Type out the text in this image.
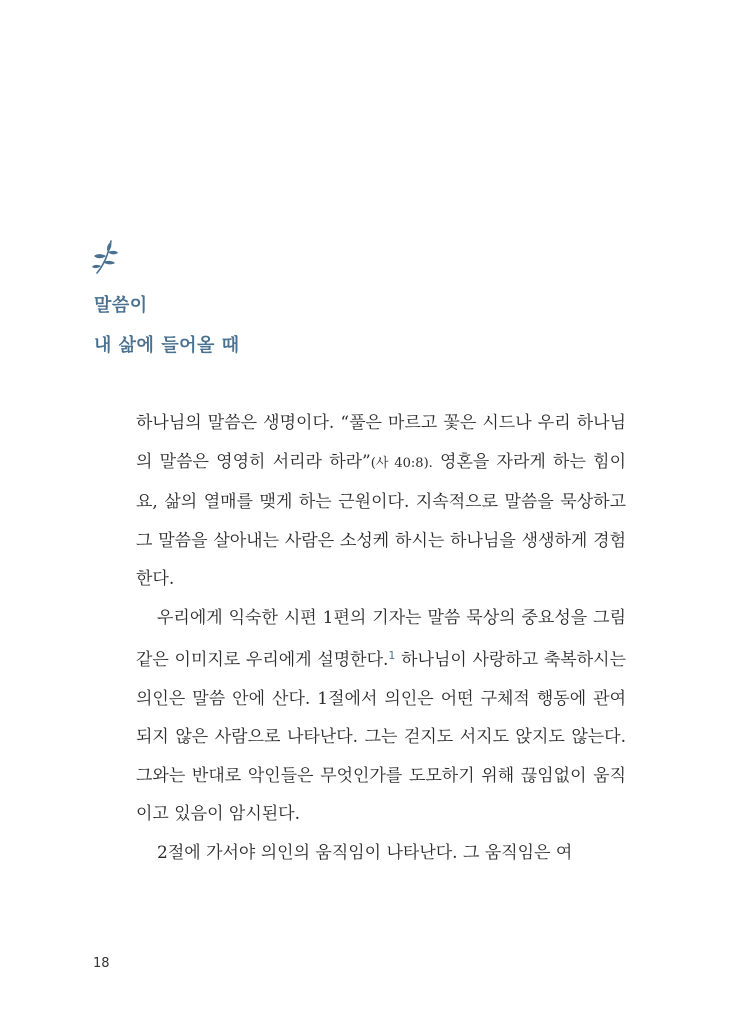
말씀이
내 삶에 들어올 때

하나님의 말씀은 생명이다. “풀은 마르고 꽃은 시드나 우리 하나님의 말씀은 영영히 서리라 하라”(사 40:8). 영혼을 자라게 하는 힘이요, 삶의 열매를 맺게 하는 근원이다. 지속적으로 말씀을 묵상하고 그 말씀을 살아내는 사람은 소성케 하시는 하나님을 생생하게 경험한다.

우리에게 익숙한 시편 1편의 기자는 말씀 묵상의 중요성을 그림 같은 이미지로 우리에게 설명한다.$^1$ 하나님이 사랑하고 축복하시는 의인은 말씀 안에 산다. 1절에서 의인은 어떤 구체적 행동에 관여되지 않은 사람으로 나타난다. 그는 걷지도 서지도 앉지도 않는다. 그와는 반대로 악인들은 무엇인가를 도모하기 위해 끊임없이 움직이고 있음이 암시된다.

2절에 가서야 의인의 움직임이 나타난다. 그 움직임은 여

18
